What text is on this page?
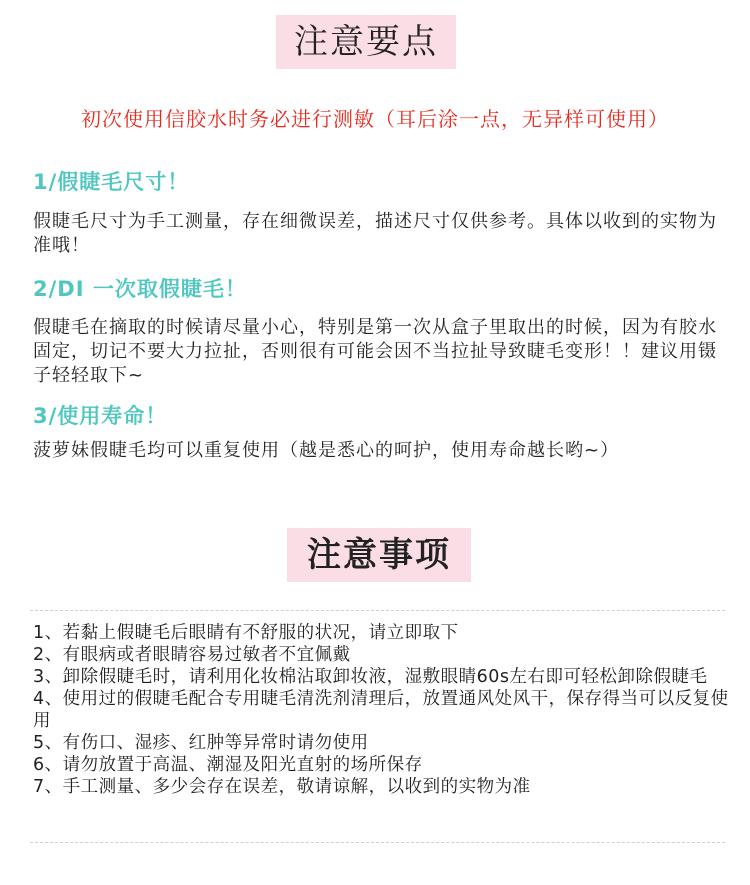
注意要点
初次使用信胶水时务必进行测敏（耳后涂一点，无异样可使用）
1/假睫毛尺寸！
假睫毛尺寸为手工测量，存在细微误差，描述尺寸仅供参考。具体以收到的实物为准哦！
2/DI 一次取假睫毛！
假睫毛在摘取的时候请尽量小心，特别是第一次从盒子里取出的时候，因为有胶水固定，切记不要大力拉扯，否则很有可能会因不当拉扯导致睫毛变形！！建议用镊子轻轻取下~
3/使用寿命！
菠萝妹假睫毛均可以重复使用（越是悉心的呵护，使用寿命越长哟~）
注意事项
1、若黏上假睫毛后眼睛有不舒服的状况，请立即取下
2、有眼病或者眼睛容易过敏者不宜佩戴
3、卸除假睫毛时，请利用化妆棉沾取卸妆液，湿敷眼睛60s左右即可轻松卸除假睫毛
4、使用过的假睫毛配合专用睫毛清洗剂清理后，放置通风处风干，保存得当可以反复使用
5、有伤口、湿疹、红肿等异常时请勿使用
6、请勿放置于高温、潮湿及阳光直射的场所保存
7、手工测量、多少会存在误差，敬请谅解，以收到的实物为准
